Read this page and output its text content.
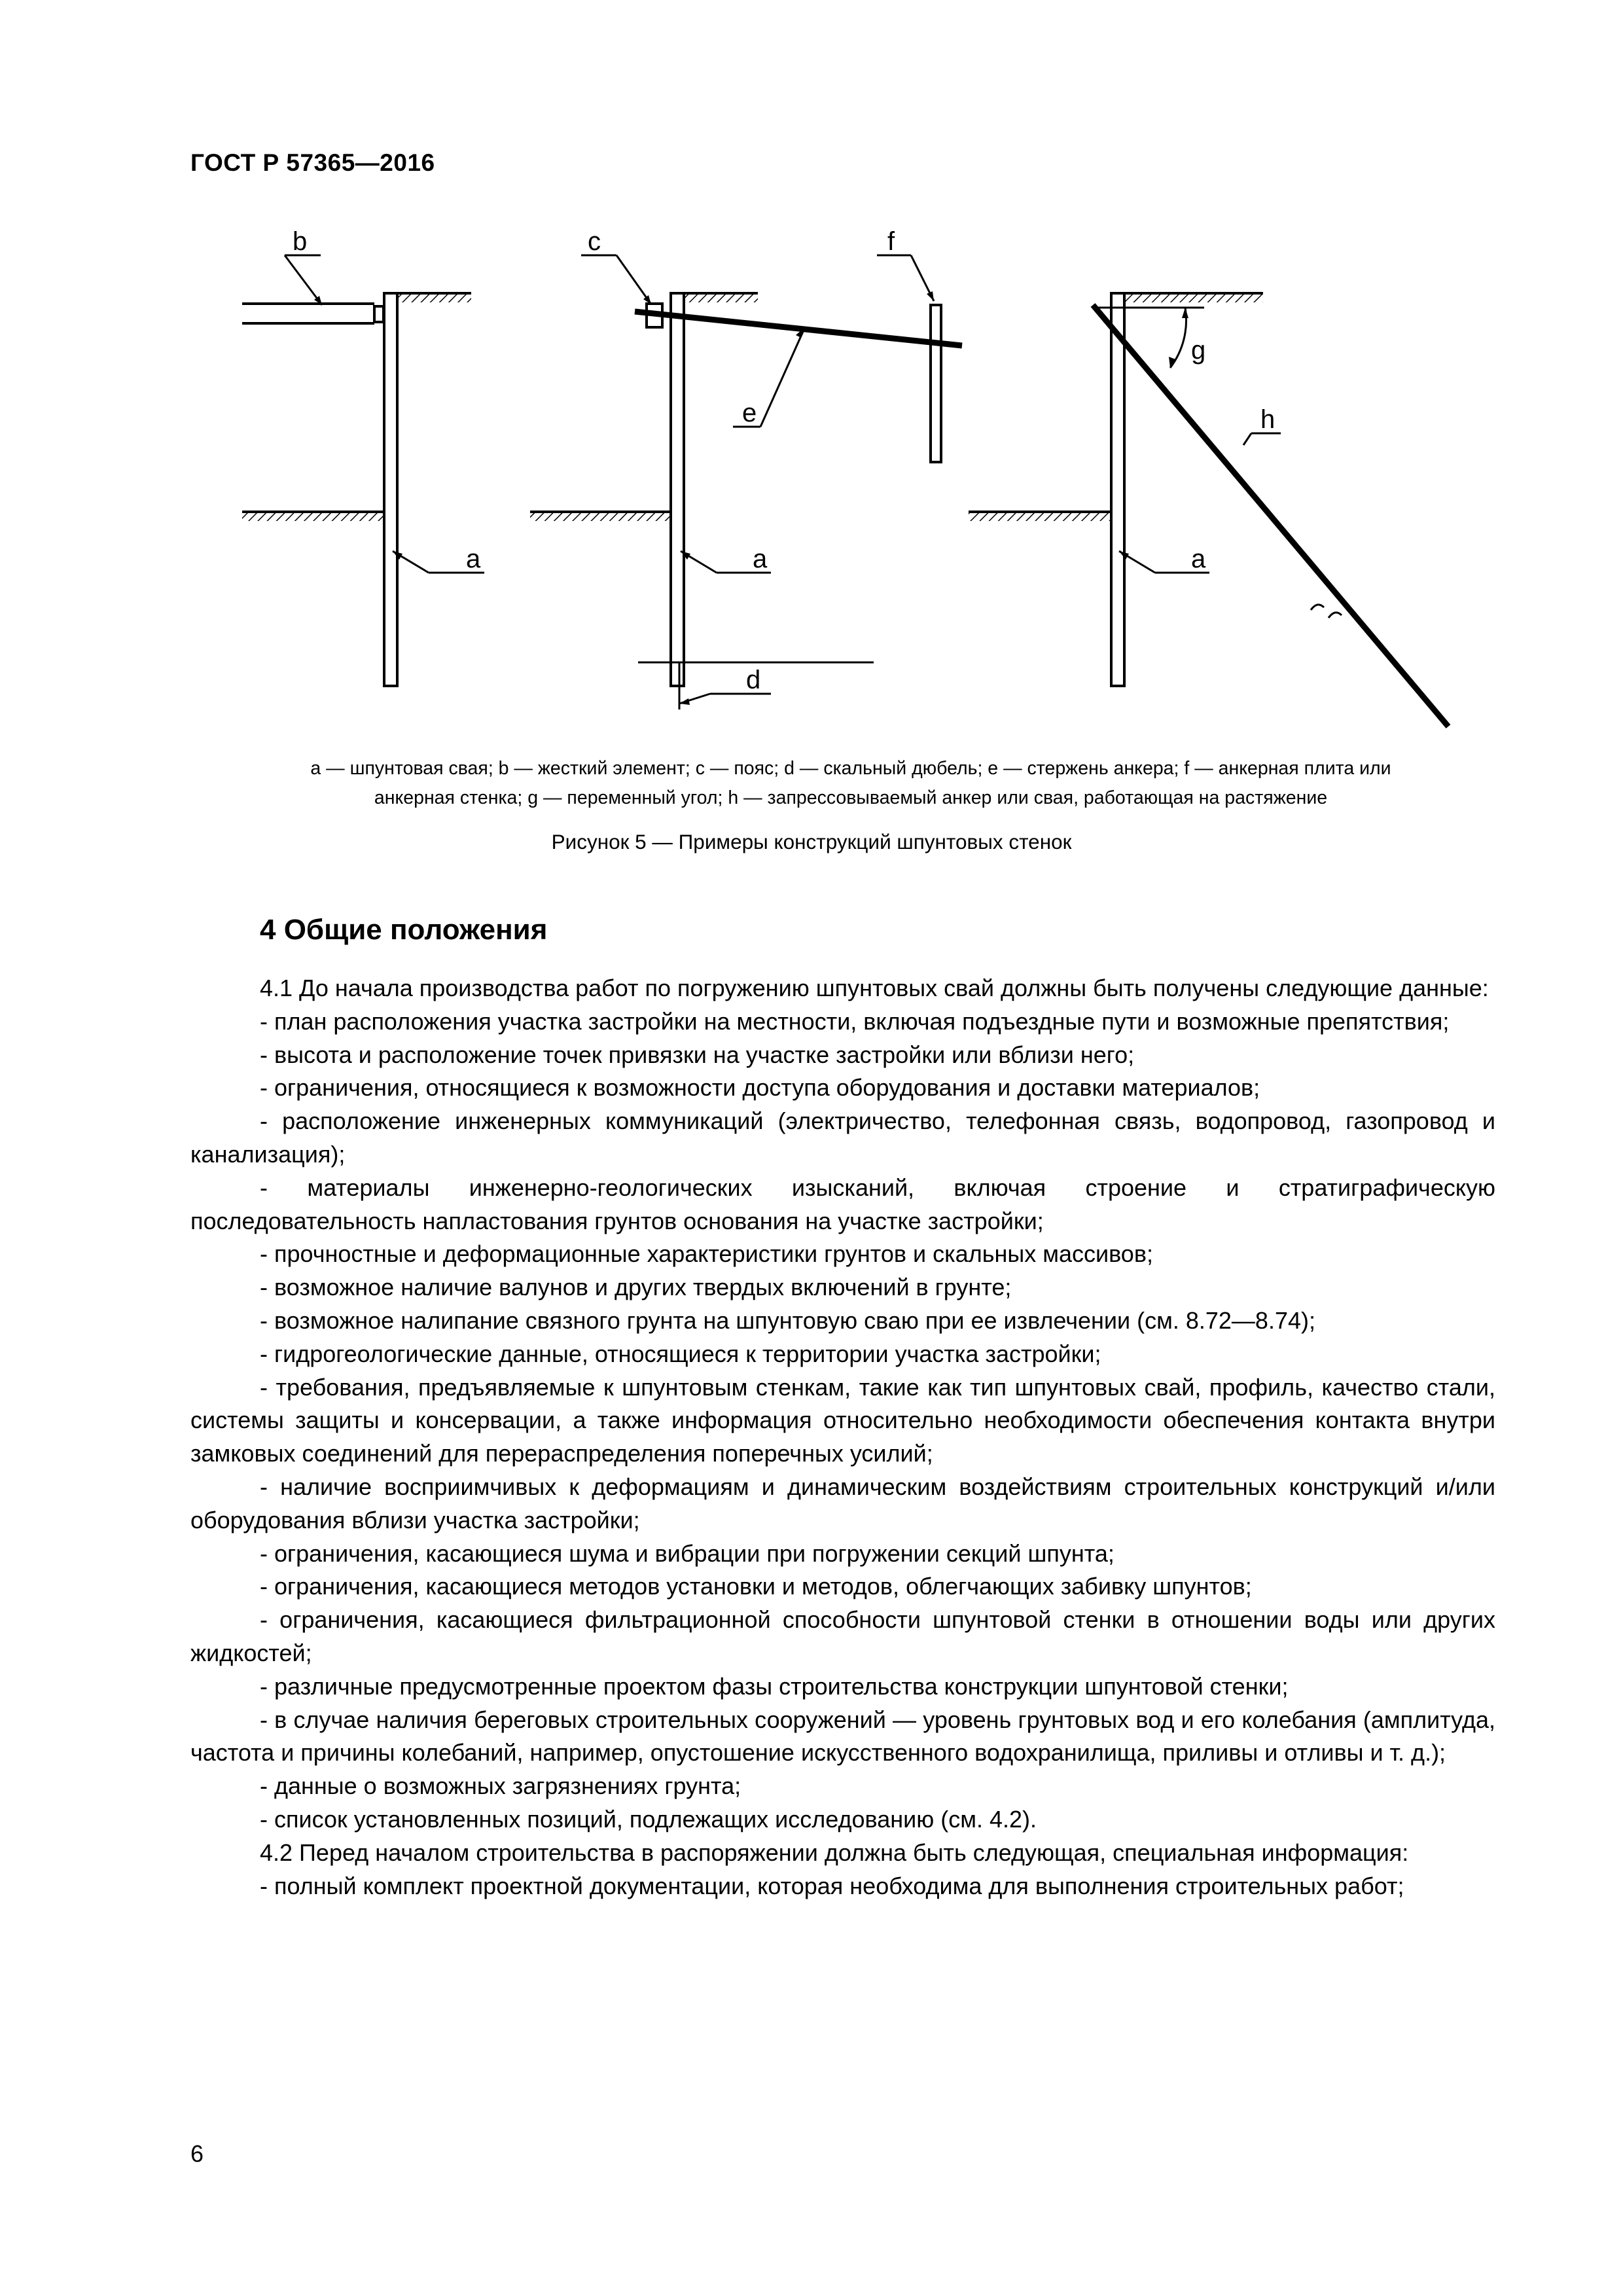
ГОСТ Р 57365—2016
a
b
d
a
c
e
f
g
h
a
a — шпунтовая свая; b — жесткий элемент; c — пояс; d — скальный дюбель; e — стержень анкера; f — анкерная плита или
анкерная стенка; g — переменный угол; h — запрессовываемый анкер или свая, работающая на растяжение
Рисунок 5 — Примеры конструкций шпунтовых стенок
4 Общие положения

4.1 До начала производства работ по погружению шпунтовых свай должны быть получены следующие данные:

- план расположения участка застройки на местности, включая подъездные пути и возможные препятствия;

- высота и расположение точек привязки на участке застройки или вблизи него;

- ограничения, относящиеся к возможности доступа оборудования и доставки материалов;

- расположение инженерных коммуникаций (электричество, телефонная связь, водопровод, газопровод и канализация);

- материалы инженерно-геологических изысканий, включая строение и стратиграфическую последовательность напластования грунтов основания на участке застройки;

- прочностные и деформационные характеристики грунтов и скальных массивов;

- возможное наличие валунов и других твердых включений в грунте;

- возможное налипание связного грунта на шпунтовую сваю при ее извлечении (см. 8.72—8.74);

- гидрогеологические данные, относящиеся к территории участка застройки;

- требования, предъявляемые к шпунтовым стенкам, такие как тип шпунтовых свай, профиль, качество стали, системы защиты и консервации, а также информация относительно необходимости обеспечения контакта внутри замковых соединений для перераспределения поперечных усилий;

- наличие восприимчивых к деформациям и динамическим воздействиям строительных конструкций и/или оборудования вблизи участка застройки;

- ограничения, касающиеся шума и вибрации при погружении секций шпунта;

- ограничения, касающиеся методов установки и методов, облегчающих забивку шпунтов;

- ограничения, касающиеся фильтрационной способности шпунтовой стенки в отношении воды или других жидкостей;

- различные предусмотренные проектом фазы строительства конструкции шпунтовой стенки;

- в случае наличия береговых строительных сооружений — уровень грунтовых вод и его колебания (амплитуда, частота и причины колебаний, например, опустошение искусственного водохранилища, приливы и отливы и т. д.);

- данные о возможных загрязнениях грунта;

- список установленных позиций, подлежащих исследованию (см. 4.2).

4.2 Перед началом строительства в распоряжении должна быть следующая, специальная информация:

- полный комплект проектной документации, которая необходима для выполнения строительных работ;

6
